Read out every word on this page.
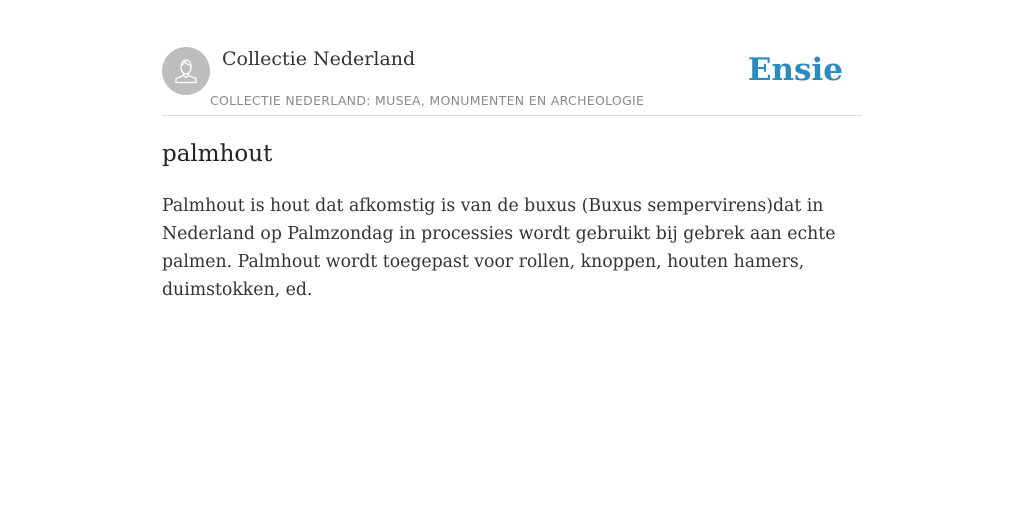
Collectie Nederland
COLLECTIE NEDERLAND: MUSEA, MONUMENTEN EN ARCHEOLOGIE
Ensie
palmhout

Palmhout is hout dat afkomstig is van de buxus (Buxus sempervirens)dat in
Nederland op Palmzondag in processies wordt gebruikt bij gebrek aan echte
palmen. Palmhout wordt toegepast voor rollen, knoppen, houten hamers,
duimstokken, ed.
